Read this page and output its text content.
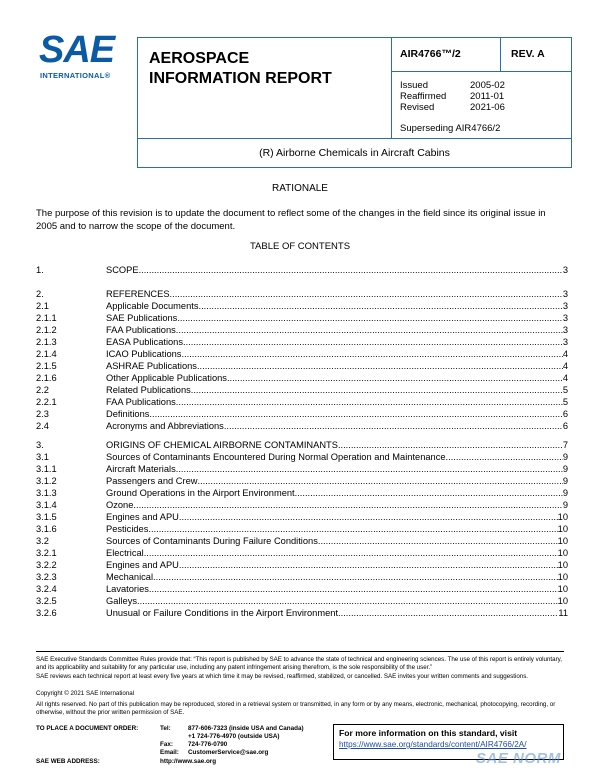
SAE
INTERNATIONAL®
AEROSPACE
INFORMATION REPORT
AIR4766™/2	REV. A
Issued	2005-02
Reaffirmed 2011-01
Revised	2021-06
Superseding AIR4766/2
(R) Airborne Chemicals in Aircraft Cabins
RATIONALE
The purpose of this revision is to update the document to reflect some of the changes in the field since its original issue in 2005 and to narrow the scope of the document.
TABLE OF CONTENTS
1.	SCOPE .....	3
2.	REFERENCES .....	3
2.1	Applicable Documents .....	3
2.1.1	SAE Publications .....	3
2.1.2	FAA Publications .....	3
2.1.3	EASA Publications .....	3
2.1.4	ICAO Publications .....	4
2.1.5	ASHRAE Publications .....	4
2.1.6	Other Applicable Publications .....	4
2.2	Related Publications .....	5
2.2.1	FAA Publications .....	5
2.3	Definitions .....	6
2.4	Acronyms and Abbreviations .....	6
3.	ORIGINS OF CHEMICAL AIRBORNE CONTAMINANTS .....	7
3.1	Sources of Contaminants Encountered During Normal Operation and Maintenance .....	9
3.1.1	Aircraft Materials .....	9
3.1.2	Passengers and Crew .....	9
3.1.3	Ground Operations in the Airport Environment .....	9
3.1.4	Ozone .....	9
3.1.5	Engines and APU .....	10
3.1.6	Pesticides .....	10
3.2	Sources of Contaminants During Failure Conditions .....	10
3.2.1	Electrical .....	10
3.2.2	Engines and APU .....	10
3.2.3	Mechanical .....	10
3.2.4	Lavatories .....	10
3.2.5	Galleys .....	10
3.2.6	Unusual or Failure Conditions in the Airport Environment .....	11
SAE Executive Standards Committee Rules provide that: “This report is published by SAE to advance the state of technical and engineering sciences. The use of this report is entirely voluntary, and its applicability and suitability for any particular use, including any patent infringement arising therefrom, is the sole responsibility of the user.”
SAE reviews each technical report at least every five years at which time it may be revised, reaffirmed, stabilized, or cancelled. SAE invites your written comments and suggestions.
Copyright © 2021 SAE International
All rights reserved. No part of this publication may be reproduced, stored in a retrieval system or transmitted, in any form or by any means, electronic, mechanical, photocopying, recording, or otherwise, without the prior written permission of SAE.
TO PLACE A DOCUMENT ORDER:	Tel:	877-606-7323 (inside USA and Canada)
+1 724-776-4970 (outside USA)
Fax: 724-776-0790
Email: CustomerService@sae.org
SAE WEB ADDRESS:	http://www.sae.org
For more information on this standard, visit
https://www.sae.org/standards/content/AIR4766/2A/
SAE NORM
